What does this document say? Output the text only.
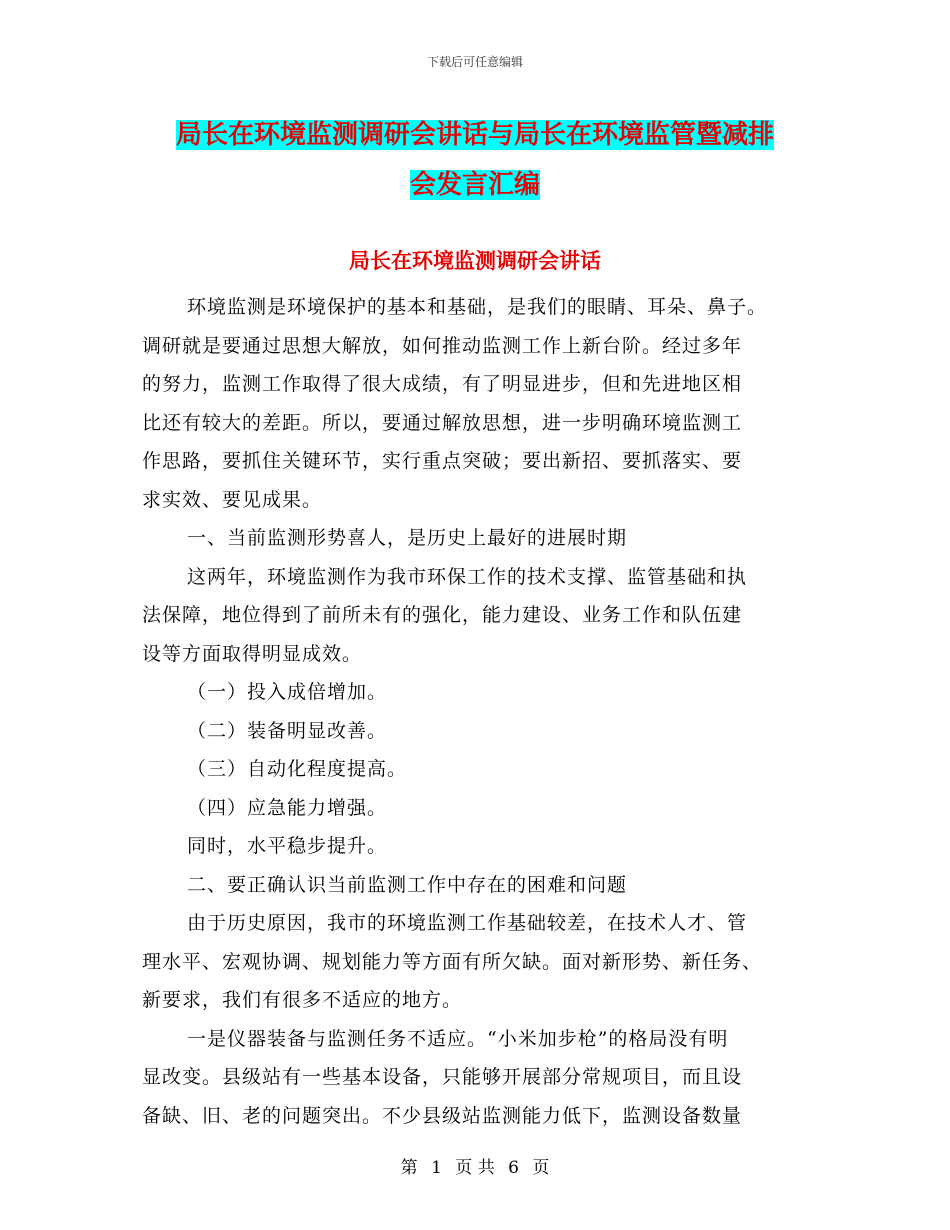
下载后可任意编辑
局长在环境监测调研会讲话与局长在环境监管暨减排
会发言汇编
局长在环境监测调研会讲话
环境监测是环境保护的基本和基础，是我们的眼睛、耳朵、鼻子。
调研就是要通过思想大解放，如何推动监测工作上新台阶。经过多年
的努力，监测工作取得了很大成绩，有了明显进步，但和先进地区相
比还有较大的差距。所以，要通过解放思想，进一步明确环境监测工
作思路，要抓住关键环节，实行重点突破；要出新招、要抓落实、要
求实效、要见成果。
一、当前监测形势喜人，是历史上最好的进展时期
这两年，环境监测作为我市环保工作的技术支撑、监管基础和执
法保障，地位得到了前所未有的强化，能力建设、业务工作和队伍建
设等方面取得明显成效。
（一）投入成倍增加。
（二）装备明显改善。
（三）自动化程度提高。
（四）应急能力增强。
同时，水平稳步提升。
二、要正确认识当前监测工作中存在的困难和问题
由于历史原因，我市的环境监测工作基础较差，在技术人才、管
理水平、宏观协调、规划能力等方面有所欠缺。面对新形势、新任务、
新要求，我们有很多不适应的地方。
一是仪器装备与监测任务不适应。“小米加步枪”的格局没有明
显改变。县级站有一些基本设备，只能够开展部分常规项目，而且设
备缺、旧、老的问题突出。不少县级站监测能力低下，监测设备数量
第 1 页 共 6 页
